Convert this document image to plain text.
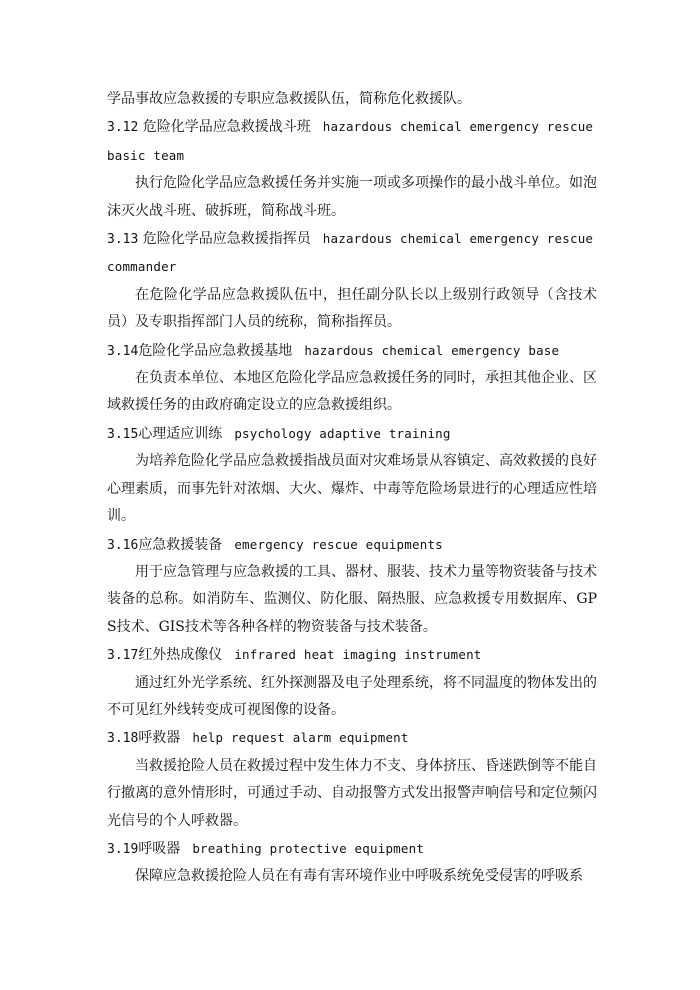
学品事故应急救援的专职应急救援队伍，简称危化救援队。

3.12 危险化学品应急救援战斗班 hazardous chemical emergency rescue basic team

执行危险化学品应急救援任务并实施一项或多项操作的最小战斗单位。如泡沫灭火战斗班、破拆班，简称战斗班。

3.13 危险化学品应急救援指挥员 hazardous chemical emergency rescue commander

在危险化学品应急救援队伍中，担任副分队长以上级别行政领导（含技术员）及专职指挥部门人员的统称，简称指挥员。

3.14危险化学品应急救援基地 hazardous chemical emergency base

在负责本单位、本地区危险化学品应急救援任务的同时，承担其他企业、区域救援任务的由政府确定设立的应急救援组织。

3.15心理适应训练 psychology adaptive training

为培养危险化学品应急救援指战员面对灾难场景从容镇定、高效救援的良好心理素质，而事先针对浓烟、大火、爆炸、中毒等危险场景进行的心理适应性培训。

3.16应急救援装备 emergency rescue equipments

用于应急管理与应急救援的工具、器材、服装、技术力量等物资装备与技术装备的总称。如消防车、监测仪、防化服、隔热服、应急救援专用数据库、GPS技术、GIS技术等各种各样的物资装备与技术装备。

3.17红外热成像仪 infrared heat imaging instrument

通过红外光学系统、红外探测器及电子处理系统，将不同温度的物体发出的不可见红外线转变成可视图像的设备。

3.18呼救器 help request alarm equipment

当救援抢险人员在救援过程中发生体力不支、身体挤压、昏迷跌倒等不能自行撤离的意外情形时，可通过手动、自动报警方式发出报警声响信号和定位频闪光信号的个人呼救器。

3.19呼吸器 breathing protective equipment

保障应急救援抢险人员在有毒有害环境作业中呼吸系统免受侵害的呼吸系
